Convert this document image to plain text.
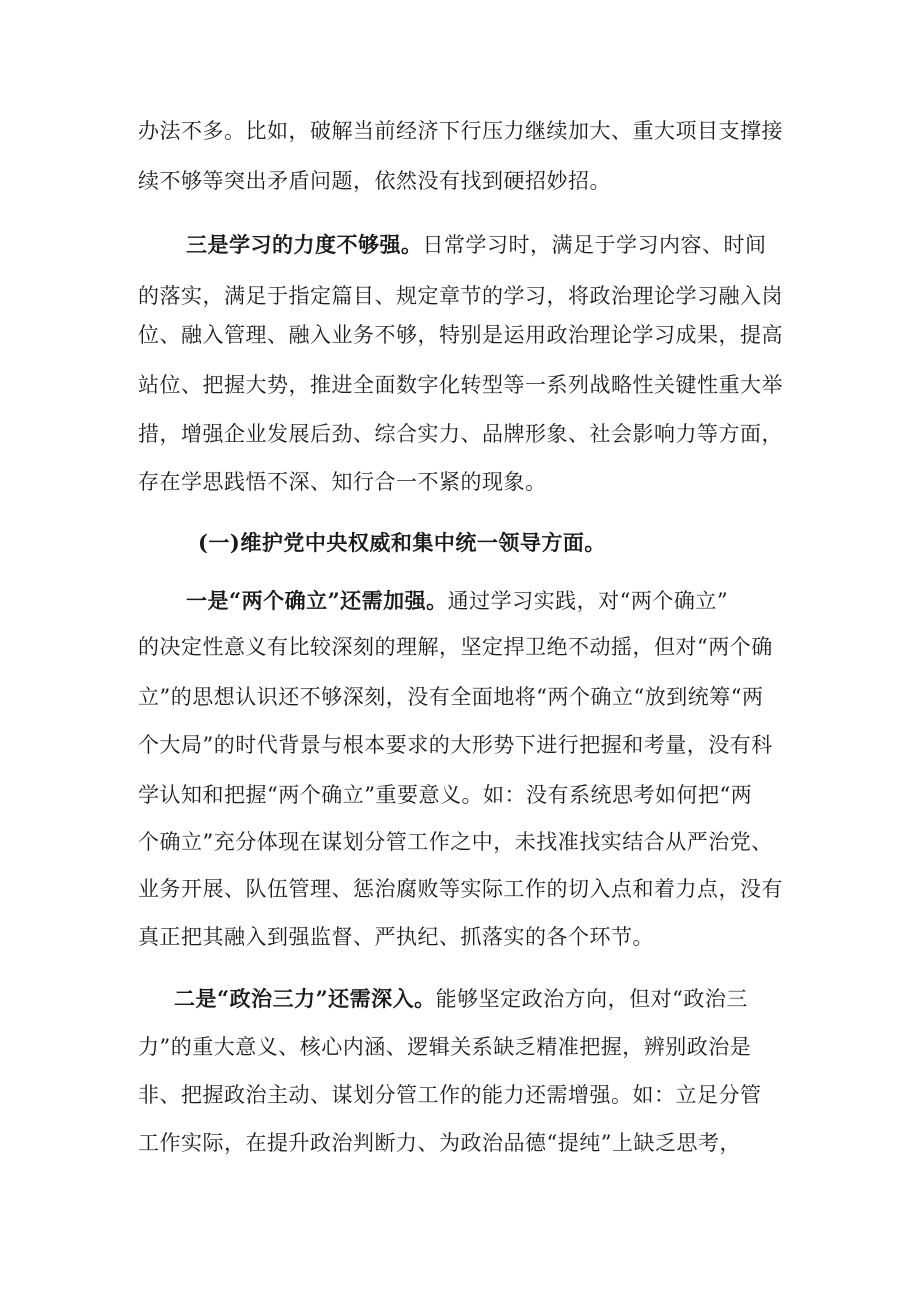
办法不多。比如，破解当前经济下行压力继续加大、重大项目支撑接
续不够等突出矛盾问题，依然没有找到硬招妙招。
三是学习的力度不够强。日常学习时，满足于学习内容、时间
的落实，满足于指定篇目、规定章节的学习，将政治理论学习融入岗
位、融入管理、融入业务不够，特别是运用政治理论学习成果，提高
站位、把握大势，推进全面数字化转型等一系列战略性关键性重大举
措，增强企业发展后劲、综合实力、品牌形象、社会影响力等方面，
存在学思践悟不深、知行合一不紧的现象。
(一)维护党中央权威和集中统一领导方面。
一是“两个确立”还需加强。通过学习实践，对“两个确立”
的决定性意义有比较深刻的理解，坚定捍卫绝不动摇，但对“两个确
立”的思想认识还不够深刻，没有全面地将“两个确立“放到统筹“两
个大局”的时代背景与根本要求的大形势下进行把握和考量，没有科
学认知和把握“两个确立”重要意义。如：没有系统思考如何把“两
个确立”充分体现在谋划分管工作之中，未找准找实结合从严治党、
业务开展、队伍管理、惩治腐败等实际工作的切入点和着力点，没有
真正把其融入到强监督、严执纪、抓落实的各个环节。
二是“政治三力”还需深入。能够坚定政治方向，但对“政治三
力”的重大意义、核心内涵、逻辑关系缺乏精准把握，辨别政治是
非、把握政治主动、谋划分管工作的能力还需增强。如：立足分管
工作实际，在提升政治判断力、为政治品德“提纯”上缺乏思考，
